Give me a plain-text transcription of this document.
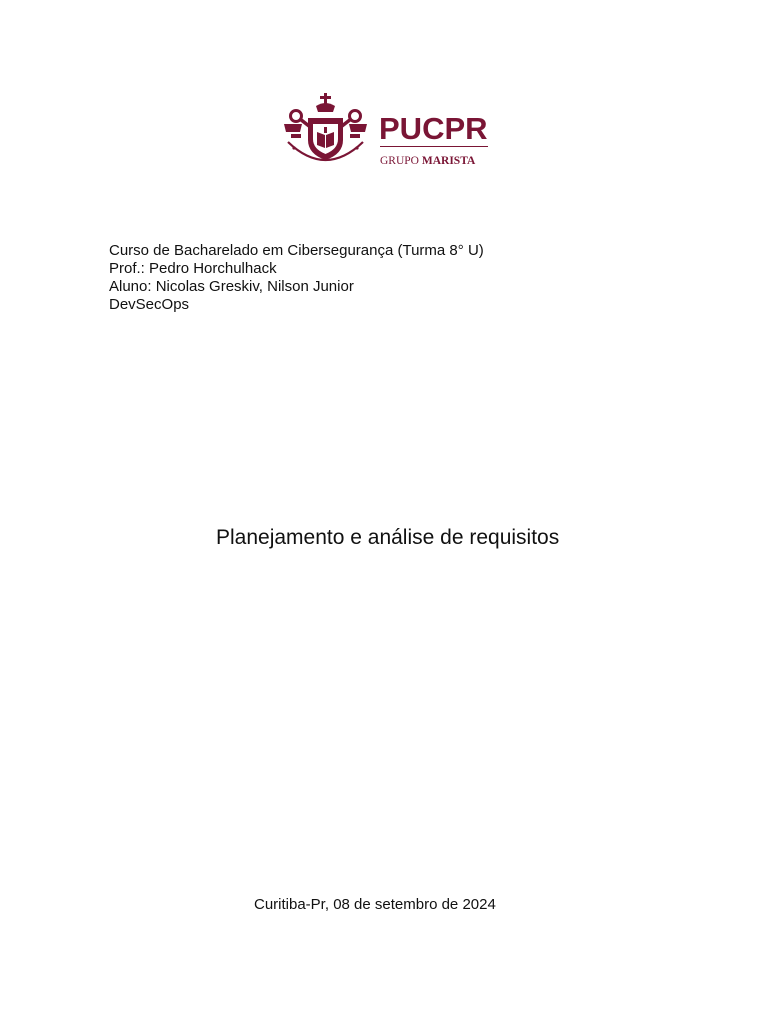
PUCPR
GRUPO MARISTA
Curso de Bacharelado em Cibersegurança (Turma 8° U)
Prof.: Pedro Horchulhack
Aluno: Nicolas Greskiv, Nilson Junior
DevSecOps
Planejamento e análise de requisitos
Curitiba-Pr, 08 de setembro de 2024
